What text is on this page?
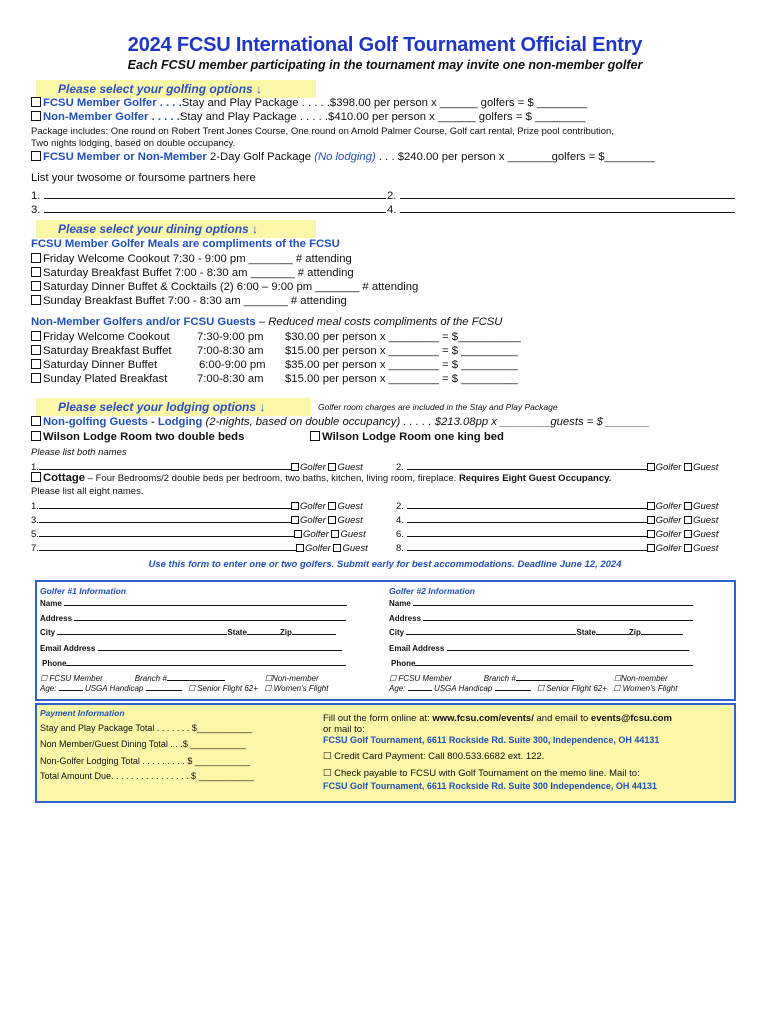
2024 FCSU International Golf Tournament Official Entry
Each FCSU member participating in the tournament may invite one non-member golfer
Please select your golfing options ↓
FCSU Member Golfer . . . .Stay and Play Package . . . . .$398.00 per person x ______ golfers = $ ________
Non-Member Golfer . . . . .Stay and Play Package . . . . .$410.00 per person x ______ golfers = $ ________
Package includes: One round on Robert Trent Jones Course, One round on Arnold Palmer Course, Golf cart rental, Prize pool contribution,
Two nights lodging, based on double occupancy.
FCSU Member or Non-Member 2-Day Golf Package (No lodging) . . . $240.00 per person x _______golfers = $________
List your twosome or foursome partners here
1.	2.
3.	4.
Please select your dining options ↓
FCSU Member Golfer Meals are compliments of the FCSU
Friday Welcome Cookout 7:30 - 9:00 pm _______ # attending
Saturday Breakfast Buffet 7:00 - 8:30 am _______ # attending
Saturday Dinner Buffet & Cocktails (2) 6:00 – 9:00 pm _______ # attending
Sunday Breakfast Buffet 7:00 - 8:30 am _______ # attending
Non-Member Golfers and/or FCSU Guests – Reduced meal costs compliments of the FCSU
Friday Welcome Cookout 7:30-9:00 pm $30.00 per person x ________ = $__________
Saturday Breakfast Buffet 7:00-8:30 am $15.00 per person x ________ = $ _________
Saturday Dinner Buffet	6:00-9:00 pm $35.00 per person x ________ = $ _________
Sunday Plated Breakfast	7:00-8:30 am $15.00 per person x ________ = $ _________
Please select your lodging options ↓	Golfer room charges are included in the Stay and Play Package
Non-golfing Guests - Lodging (2-nights, based on double occupancy) . . . . . $213.08pp x ________guests = $ _______
Wilson Lodge Room two double beds	Wilson Lodge Room one king bed
Please list both names
1.	Golfer Guest	2.	Golfer Guest
Cottage – Four Bedrooms/2 double beds per bedroom, two baths, kitchen, living room, fireplace. Requires Eight Guest Occupancy.
Please list all eight names.
1.	Golfer Guest	2.	Golfer Guest
3.	Golfer Guest	4.	Golfer Guest
5.	Golfer Guest	6.	Golfer Guest
7.	Golfer Guest	8.	Golfer Guest
Use this form to enter one or two golfers. Submit early for best accommodations. Deadline June 12, 2024
Golfer #1 Information
Name
Address
City	State	Zip
Email Address
Phone
☐ FCSU Member	Branch #	☐Non-member
Age:	USGA Handicap	☐ Senior Flight 62+ ☐ Women's Flight
Golfer #2 Information
Name
Address
City	State	Zip
Email Address
Phone
☐ FCSU Member	Branch #	☐Non-member
Age:	USGA Handicap	☐ Senior Flight 62+ ☐ Women's Flight
Payment Information
Stay and Play Package Total . . . . . . . $___________
Non Member/Guest Dining Total . . .$ ___________
Non-Golfer Lodging Total . . . . . . . . . $ ___________
Total Amount Due. . . . . . . . . . . . . . . . $ ___________
Fill out the form online at: www.fcsu.com/events/ and email to events@fcsu.com
or mail to:
FCSU Golf Tournament, 6611 Rockside Rd. Suite 300, Independence, OH 44131
☐ Credit Card Payment: Call 800.533.6682 ext. 122.
☐ Check payable to FCSU with Golf Tournament on the memo line. Mail to:
FCSU Golf Tournament, 6611 Rockside Rd. Suite 300 Independence, OH 44131
